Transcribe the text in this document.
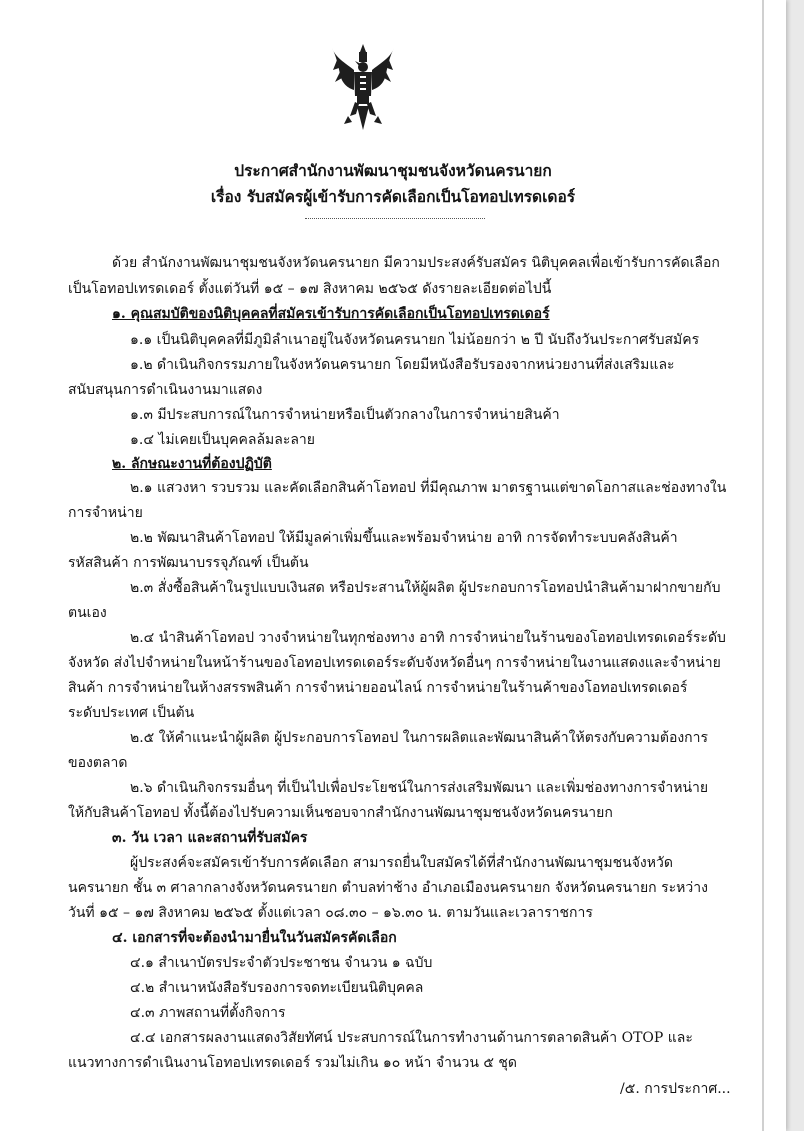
ประกาศสำนักงานพัฒนาชุมชนจังหวัดนครนายก
เรื่อง รับสมัครผู้เข้ารับการคัดเลือกเป็นโอทอปเทรดเดอร์
ด้วย สำนักงานพัฒนาชุมชนจังหวัดนครนายก มีความประสงค์รับสมัคร นิติบุคคลเพื่อเข้ารับการคัดเลือก
เป็นโอทอปเทรดเดอร์ ตั้งแต่วันที่ ๑๕ – ๑๗ สิงหาคม ๒๕๖๕ ดังรายละเอียดต่อไปนี้
๑. คุณสมบัติของนิติบุคคลที่สมัครเข้ารับการคัดเลือกเป็นโอทอปเทรดเดอร์
๑.๑ เป็นนิติบุคคลที่มีภูมิลำเนาอยู่ในจังหวัดนครนายก ไม่น้อยกว่า ๒ ปี นับถึงวันประกาศรับสมัคร
๑.๒ ดำเนินกิจกรรมภายในจังหวัดนครนายก โดยมีหนังสือรับรองจากหน่วยงานที่ส่งเสริมและ
สนับสนุนการดำเนินงานมาแสดง
๑.๓ มีประสบการณ์ในการจำหน่ายหรือเป็นตัวกลางในการจำหน่ายสินค้า
๑.๔ ไม่เคยเป็นบุคคลล้มละลาย
๒. ลักษณะงานที่ต้องปฏิบัติ
๒.๑ แสวงหา รวบรวม และคัดเลือกสินค้าโอทอป ที่มีคุณภาพ มาตรฐานแต่ขาดโอกาสและช่องทางใน
การจำหน่าย
๒.๒ พัฒนาสินค้าโอทอป ให้มีมูลค่าเพิ่มขึ้นและพร้อมจำหน่าย อาทิ การจัดทำระบบคลังสินค้า
รหัสสินค้า การพัฒนาบรรจุภัณฑ์ เป็นต้น
๒.๓ สั่งซื้อสินค้าในรูปแบบเงินสด หรือประสานให้ผู้ผลิต ผู้ประกอบการโอทอปนำสินค้ามาฝากขายกับ
ตนเอง
๒.๔ นำสินค้าโอทอป วางจำหน่ายในทุกช่องทาง อาทิ การจำหน่ายในร้านของโอทอปเทรดเดอร์ระดับ
จังหวัด ส่งไปจำหน่ายในหน้าร้านของโอทอปเทรดเดอร์ระดับจังหวัดอื่นๆ การจำหน่ายในงานแสดงและจำหน่าย
สินค้า การจำหน่ายในห้างสรรพสินค้า การจำหน่ายออนไลน์ การจำหน่ายในร้านค้าของโอทอปเทรดเดอร์
ระดับประเทศ เป็นต้น
๒.๕ ให้คำแนะนำผู้ผลิต ผู้ประกอบการโอทอป ในการผลิตและพัฒนาสินค้าให้ตรงกับความต้องการ
ของตลาด
๒.๖ ดำเนินกิจกรรมอื่นๆ ที่เป็นไปเพื่อประโยชน์ในการส่งเสริมพัฒนา และเพิ่มช่องทางการจำหน่าย
ให้กับสินค้าโอทอป ทั้งนี้ต้องไปรับความเห็นชอบจากสำนักงานพัฒนาชุมชนจังหวัดนครนายก
๓. วัน เวลา และสถานที่รับสมัคร
ผู้ประสงค์จะสมัครเข้ารับการคัดเลือก สามารถยื่นใบสมัครได้ที่สำนักงานพัฒนาชุมชนจังหวัด
นครนายก ชั้น ๓ ศาลากลางจังหวัดนครนายก ตำบลท่าช้าง อำเภอเมืองนครนายก จังหวัดนครนายก ระหว่าง
วันที่ ๑๕ – ๑๗ สิงหาคม ๒๕๖๕ ตั้งแต่เวลา ๐๘.๓๐ – ๑๖.๓๐ น. ตามวันและเวลาราชการ
๔. เอกสารที่จะต้องนำมายื่นในวันสมัครคัดเลือก
๔.๑ สำเนาบัตรประจำตัวประชาชน จำนวน ๑ ฉบับ
๔.๒ สำเนาหนังสือรับรองการจดทะเบียนนิติบุคคล
๔.๓ ภาพสถานที่ตั้งกิจการ
๔.๔ เอกสารผลงานแสดงวิสัยทัศน์ ประสบการณ์ในการทำงานด้านการตลาดสินค้า OTOP และ
แนวทางการดำเนินงานโอทอปเทรดเดอร์ รวมไม่เกิน ๑๐ หน้า จำนวน ๕ ชุด
/๕. การประกาศ...
